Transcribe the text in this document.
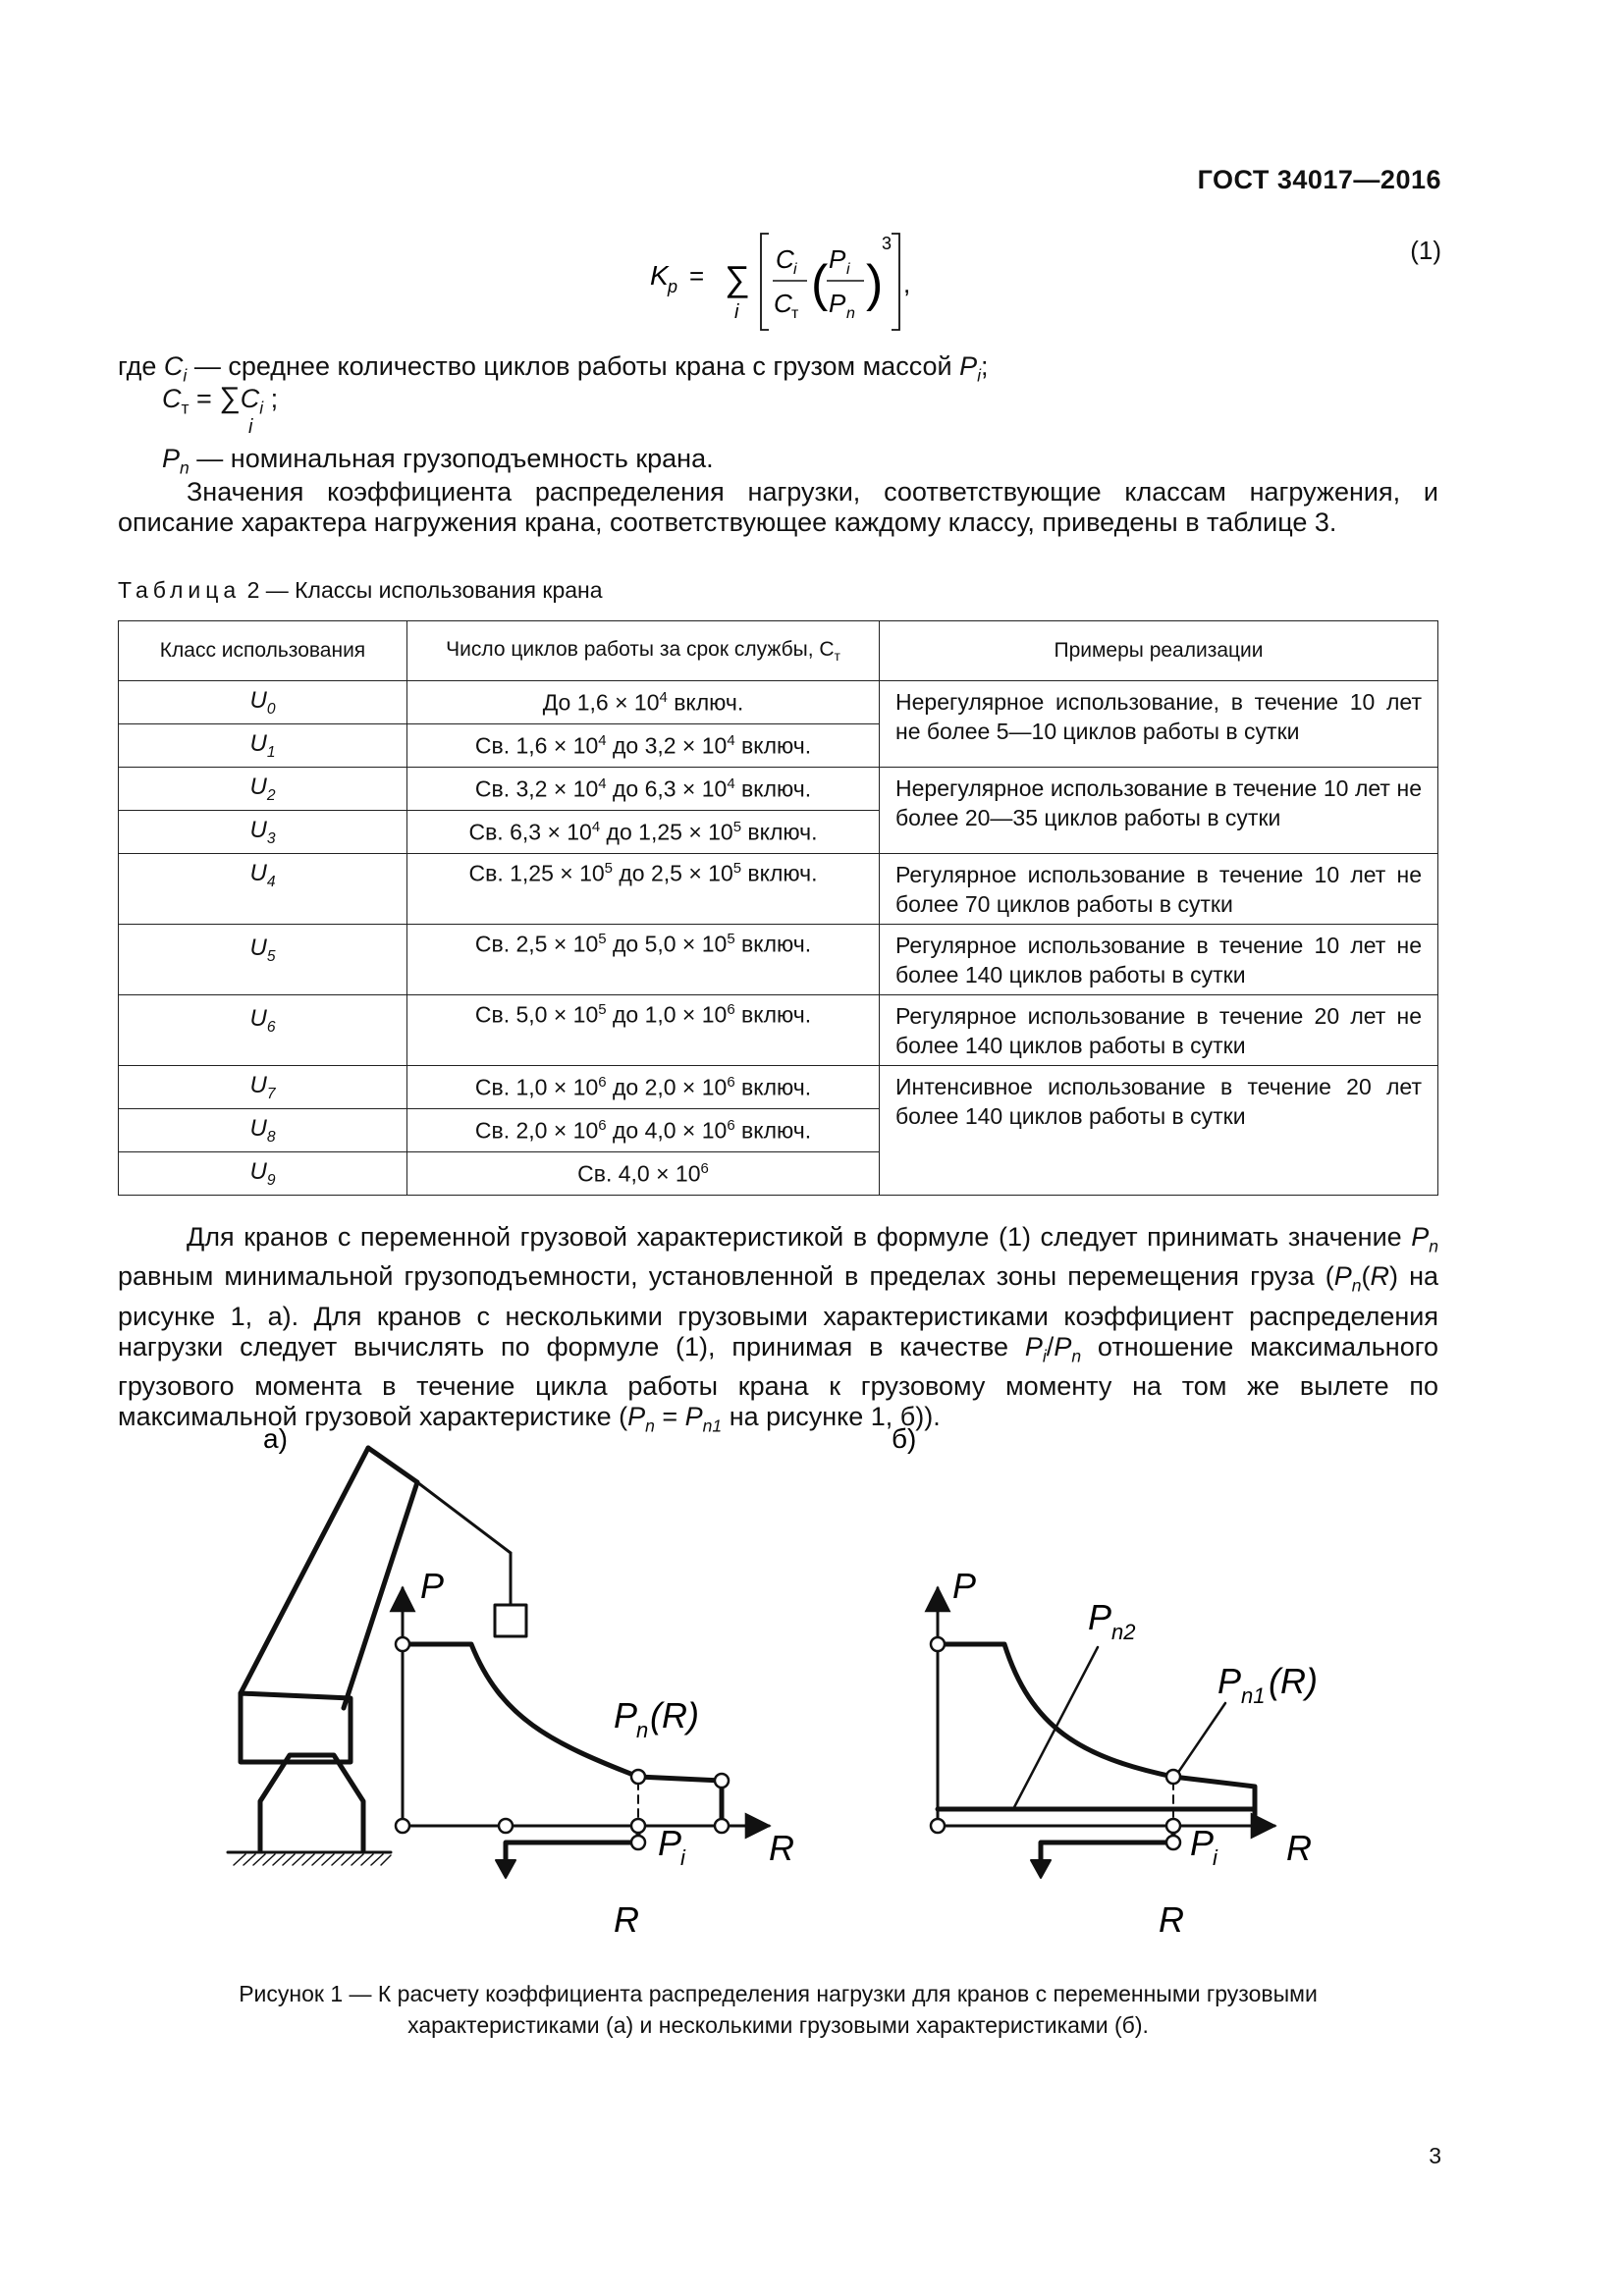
ГОСТ 34017—2016
K p = ∑
i
C i
C т
( P i
P n
)
3
,
(1)
где $C_i$ — среднее количество циклов работы крана с грузом массой $P_i$;
$C_т = \sum C_i$ ;
i
$P_n$ — номинальная грузоподъемность крана.
Значения коэффициента распределения нагрузки, соответствующие классам нагружения, и описание характера нагружения крана, соответствующее каждому классу, приведены в таблице 3.
Таблица 2 — Классы использования крана
Класс использования	Число циклов работы за срок службы, $C_т$	Примеры реализации
$U_0$	До $1,6 \times 10^4$ включ.	Нерегулярное использование, в течение 10 лет не более 5—10 циклов работы в сутки
$U_1$	Св. $1,6 \times 10^4$ до $3,2 \times 10^4$ включ.	
$U_2$	Св. $3,2 \times 10^4$ до $6,3 \times 10^4$ включ.	Нерегулярное использование в течение 10 лет не более 20—35 циклов работы в сутки
$U_3$	Св. $6,3 \times 10^4$ до $1,25 \times 10^5$ включ.	
$U_4$	Св. $1,25 \times 10^5$ до $2,5 \times 10^5$ включ.	Регулярное использование в течение 10 лет не более 70 циклов работы в сутки
$U_5$	Св. $2,5 \times 10^5$ до $5,0 \times 10^5$ включ.	Регулярное использование в течение 10 лет не более 140 циклов работы в сутки
$U_6$	Св. $5,0 \times 10^5$ до $1,0 \times 10^6$ включ.	Регулярное использование в течение 20 лет не более 140 циклов работы в сутки
$U_7$	Св. $1,0 \times 10^6$ до $2,0 \times 10^6$ включ.	Интенсивное использование в течение 20 лет более 140 циклов работы в сутки
$U_8$	Св. $2,0 \times 10^6$ до $4,0 \times 10^6$ включ.	
$U_9$	Св. $4,0 \times 10^6$
Для кранов с переменной грузовой характеристикой в формуле (1) следует принимать значение $P_n$ равным минимальной грузоподъемности, установленной в пределах зоны перемещения груза ($P_n(R)$ на рисунке 1, а). Для кранов с несколькими грузовыми характеристиками коэффициент распределения нагрузки следует вычислять по формуле (1), принимая в качестве $P_i/P_n$ отношение максимального грузового момента в течение цикла работы крана к грузовому моменту на том же вылете по максимальной грузовой характеристике ($P_n = P_{n1}$ на рисунке 1, б)).
а)
P
R
R
P
n (R)
P
i
б)
P
R
R
P n2
P n1 (R)
P
i
Рисунок 1 — К расчету коэффициента распределения нагрузки для кранов с переменными грузовыми
характеристиками (а) и несколькими грузовыми характеристиками (б).
3
